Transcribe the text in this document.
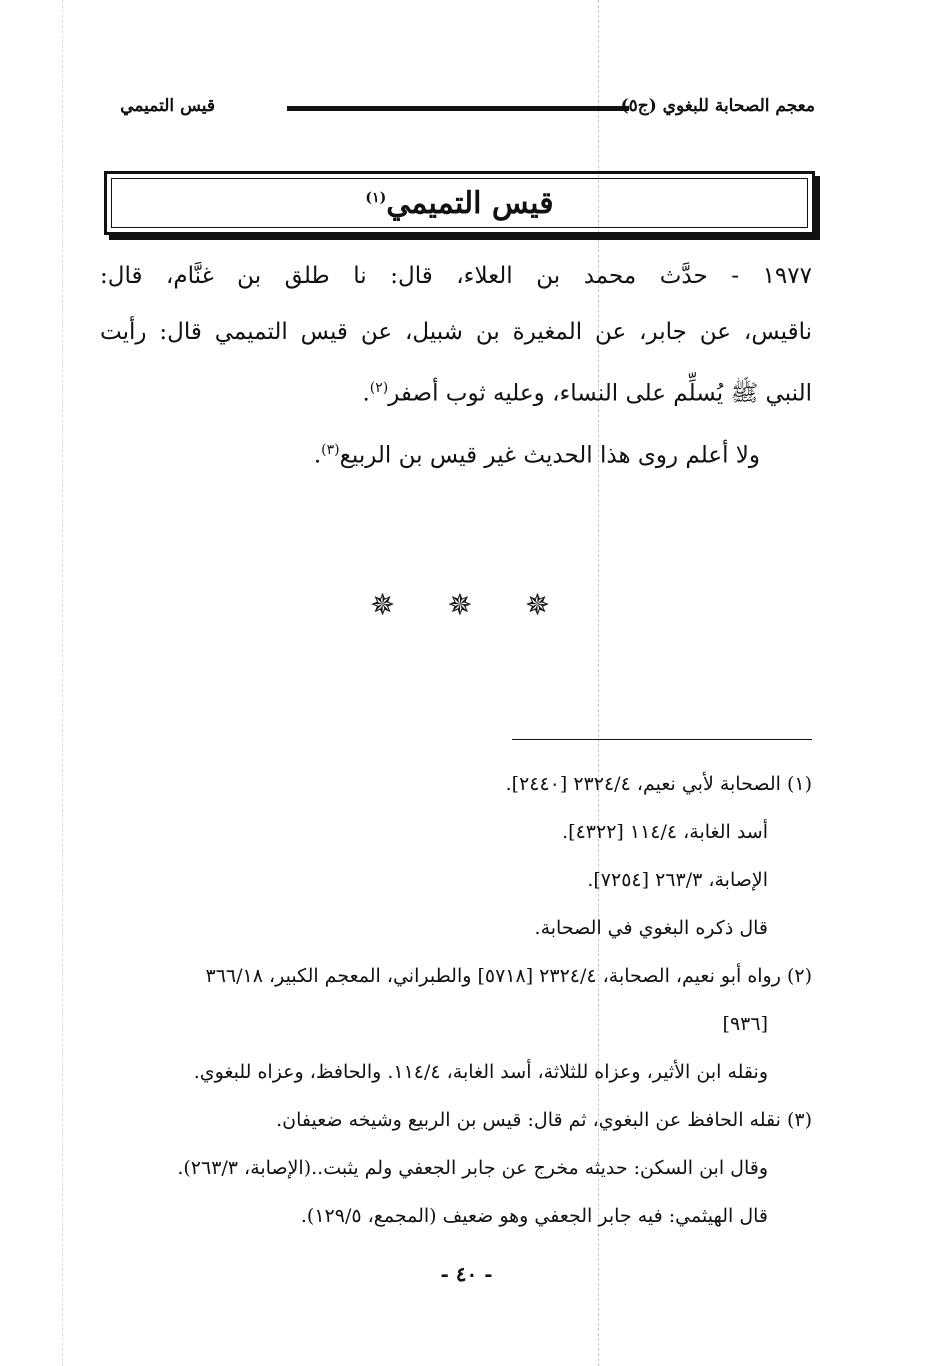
قيس التميمي	معجم الصحابة للبغوي (ج٥)
قيس التميمي$^{(١)}$

١٩٧٧ - حدَّث محمد بن العلاء، قال: نا طلق بن غنَّام، قال:

ناقيس، عن جابر، عن المغيرة بن شبيل، عن قيس التميمي قال: رأيت

النبي ﷺ يُسلِّم على النساء، وعليه ثوب أصفر$^{(٢)}$.

ولا أعلم روى هذا الحديث غير قيس بن الربيع$^{(٣)}$.

✵ ✵ ✵
(١) الصحابة لأبي نعيم، ٢٣٢٤/٤ [٢٤٤٠].
أسد الغابة، ١١٤/٤ [٤٣٢٢].
الإصابة، ٢٦٣/٣ [٧٢٥٤].
قال ذكره البغوي في الصحابة.
(٢) رواه أبو نعيم، الصحابة، ٢٣٢٤/٤ [٥٧١٨] والطبراني، المعجم الكبير، ٣٦٦/١٨
[٩٣٦]
ونقله ابن الأثير، وعزاه للثلاثة، أسد الغابة، ١١٤/٤. والحافظ، وعزاه للبغوي.
(٣) نقله الحافظ عن البغوي، ثم قال: قيس بن الربيع وشيخه ضعيفان.
وقال ابن السكن: حديثه مخرج عن جابر الجعفي ولم يثبت..(الإصابة، ٢٦٣/٣).
قال الهيثمي: فيه جابر الجعفي وهو ضعيف (المجمع، ١٢٩/٥).
- ٤٠ -
